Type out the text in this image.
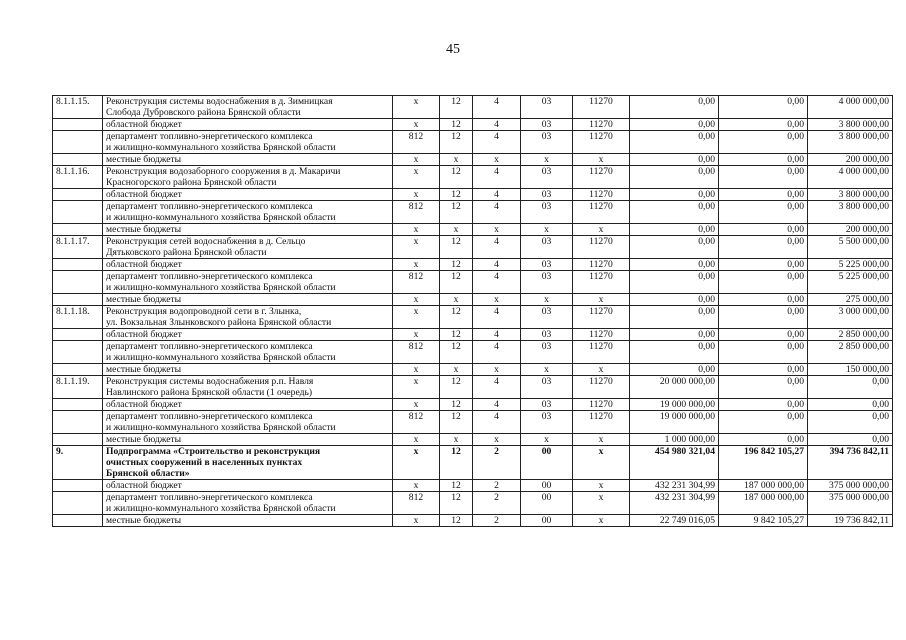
45
8.1.1.15.	Реконструкция системы водоснабжения в д. Зимницкая
Слобода Дубровского района Брянской области	х	12	4	03	11270	0,00	0,00	4 000 000,00

	областной бюджет	х	12	4	03	11270	0,00	0,00	3 800 000,00

	департамент топливно-энергетического комплекса
и жилищно-коммунального хозяйства Брянской области	812	12	4	03	11270	0,00	0,00	3 800 000,00

	местные бюджеты	х	х	х	х	х	0,00	0,00	200 000,00
8.1.1.16.	Реконструкция водозаборного сооружения в д. Макаричи
Красногорского района Брянской области	х	12	4	03	11270	0,00	0,00	4 000 000,00

	областной бюджет	х	12	4	03	11270	0,00	0,00	3 800 000,00

	департамент топливно-энергетического комплекса
и жилищно-коммунального хозяйства Брянской области	812	12	4	03	11270	0,00	0,00	3 800 000,00

	местные бюджеты	х	х	х	х	х	0,00	0,00	200 000,00
8.1.1.17.	Реконструкция сетей водоснабжения в д. Сельцо
Дятьковского района Брянской области	х	12	4	03	11270	0,00	0,00	5 500 000,00

	областной бюджет	х	12	4	03	11270	0,00	0,00	5 225 000,00

	департамент топливно-энергетического комплекса
и жилищно-коммунального хозяйства Брянской области	812	12	4	03	11270	0,00	0,00	5 225 000,00

	местные бюджеты	х	х	х	х	х	0,00	0,00	275 000,00
8.1.1.18.	Реконструкция водопроводной сети в г. Злынка,
ул. Вокзальная Злынковского района Брянской области	х	12	4	03	11270	0,00	0,00	3 000 000,00

	областной бюджет	х	12	4	03	11270	0,00	0,00	2 850 000,00

	департамент топливно-энергетического комплекса
и жилищно-коммунального хозяйства Брянской области	812	12	4	03	11270	0,00	0,00	2 850 000,00

	местные бюджеты	х	х	х	х	х	0,00	0,00	150 000,00
8.1.1.19.	Реконструкция системы водоснабжения р.п. Навля
Навлинского района Брянской области (1 очередь)	х	12	4	03	11270	20 000 000,00	0,00	0,00

	областной бюджет	х	12	4	03	11270	19 000 000,00	0,00	0,00

	департамент топливно-энергетического комплекса
и жилищно-коммунального хозяйства Брянской области	812	12	4	03	11270	19 000 000,00	0,00	0,00

	местные бюджеты	х	х	х	х	х	1 000 000,00	0,00	0,00
9.	Подпрограмма «Строительство и реконструкция
очистных сооружений в населенных пунктах
Брянской области»	х	12	2	00	х	454 980 321,04	196 842 105,27	394 736 842,11

	областной бюджет	х	12	2	00	х	432 231 304,99	187 000 000,00	375 000 000,00

	департамент топливно-энергетического комплекса
и жилищно-коммунального хозяйства Брянской области	812	12	2	00	х	432 231 304,99	187 000 000,00	375 000 000,00

	местные бюджеты	х	12	2	00	х	22 749 016,05	9 842 105,27	19 736 842,11
